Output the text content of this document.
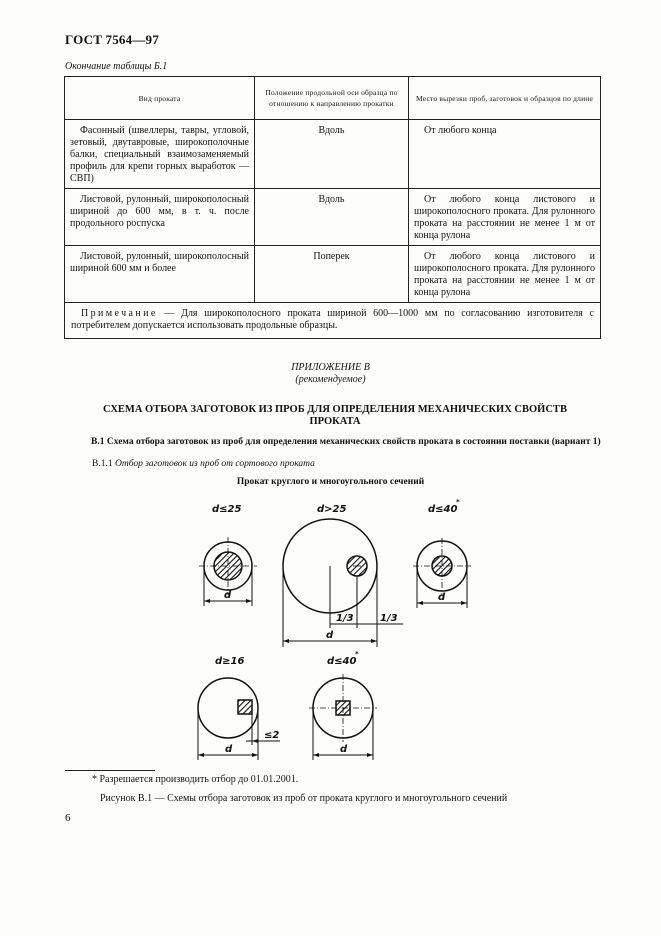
ГОСТ 7564—97
Окончание таблицы Б.1
Вид проката	Положение продольной оси образца по отношению к направлению прокатки	Место вырезки проб, заготовок и образцов по длине
Фасонный (швеллеры, тавры, угловой, зетовый, двутавровые, широкополочные балки, специальный взаимозаменяемый профиль для крепи горных выработок — СВП)	Вдоль	От любого конца
Листовой, рулонный, широкополосный шириной до 600 мм, в т. ч. после продольного роспуска	Вдоль	От любого конца листового и широкополосного проката. Для рулонного проката на расстоянии не менее 1 м от конца рулона
Листовой, рулонный, широкополосный шириной 600 мм и более	Поперек	От любого конца листового и широкополосного проката. Для рулонного проката на расстоянии не менее 1 м от конца рулона
Примечание — Для широкополосного проката шириной 600—1000 мм по согласованию изготовителя с потребителем допускается использовать продольные образцы.		
ПРИЛОЖЕНИЕ В
(рекомендуемое)
СХЕМА ОТБОРА ЗАГОТОВОК ИЗ ПРОБ ДЛЯ ОПРЕДЕЛЕНИЯ МЕХАНИЧЕСКИХ СВОЙСТВ ПРОКАТА
В.1 Схема отбора заготовок из проб для определения механических свойств проката в состоянии поставки (вариант 1)
В.1.1 Отбор заготовок из проб от сортового проката
Прокат круглого и многоугольного сечений
d≤25	d>25	d≤40
*
d≥16	d≤40
*
d
d
d
d	d
1/3	1/3
≤2
* Разрешается производить отбор до 01.01.2001.
Рисунок В.1 — Схемы отбора заготовок из проб от проката круглого и многоугольного сечений
6
